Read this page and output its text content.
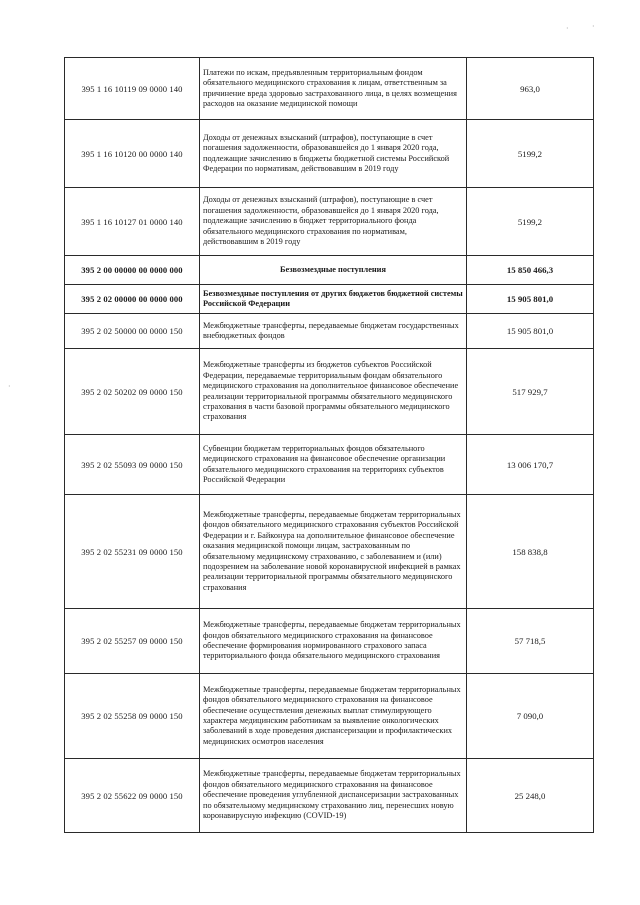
395 1 16 10119 09 0000 140	Платежи по искам, предъявленным территориальным фондом обязательного медицинского страхования к лицам, ответственным за причинение вреда здоровью застрахованного лица, в целях возмещения расходов на оказание медицинской помощи	963,0
395 1 16 10120 00 0000 140	Доходы от денежных взысканий (штрафов), поступающие в счет погашения задолженности, образовавшейся до 1 января 2020 года, подлежащие зачислению в бюджеты бюджетной системы Российской Федерации по нормативам, действовавшим в 2019 году	5199,2
395 1 16 10127 01 0000 140	Доходы от денежных взысканий (штрафов), поступающие в счет погашения задолженности, образовавшейся до 1 января 2020 года, подлежащие зачислению в бюджет территориального фонда обязательного медицинского страхования по нормативам, действовавшим в 2019 году	5199,2
395 2 00 00000 00 0000 000	Безвозмездные поступления	15 850 466,3
395 2 02 00000 00 0000 000	Безвозмездные поступления от других бюджетов бюджетной системы Российской Федерации	15 905 801,0
395 2 02 50000 00 0000 150	Межбюджетные трансферты, передаваемые бюджетам государственных внебюджетных фондов	15 905 801,0
395 2 02 50202 09 0000 150	Межбюджетные трансферты из бюджетов субъектов Российской Федерации, передаваемые территориальным фондам обязательного медицинского страхования на дополнительное финансовое обеспечение реализации территориальной программы обязательного медицинского страхования в части базовой программы обязательного медицинского страхования	517 929,7
395 2 02 55093 09 0000 150	Субвенции бюджетам территориальных фондов обязательного медицинского страхования на финансовое обеспечение организации обязательного медицинского страхования на территориях субъектов Российской Федерации	13 006 170,7
395 2 02 55231 09 0000 150	Межбюджетные трансферты, передаваемые бюджетам территориальных фондов обязательного медицинского страхования субъектов Российской Федерации и г. Байконура на дополнительное финансовое обеспечение оказания медицинской помощи лицам, застрахованным по обязательному медицинскому страхованию, с заболеванием и (или) подозрением на заболевание новой коронавирусной инфекцией в рамках реализации территориальной программы обязательного медицинского страхования	158 838,8
395 2 02 55257 09 0000 150	Межбюджетные трансферты, передаваемые бюджетам территориальных фондов обязательного медицинского страхования на финансовое обеспечение формирования нормированного страхового запаса территориального фонда обязательного медицинского страхования	57 718,5
395 2 02 55258 09 0000 150	Межбюджетные трансферты, передаваемые бюджетам территориальных фондов обязательного медицинского страхования на финансовое обеспечение осуществления денежных выплат стимулирующего характера медицинским работникам за выявление онкологических заболеваний в ходе проведения диспансеризации и профилактических медицинских осмотров населения	7 090,0
395 2 02 55622 09 0000 150	Межбюджетные трансферты, передаваемые бюджетам территориальных фондов обязательного медицинского страхования на финансовое обеспечение проведения углубленной диспансеризации застрахованных по обязательному медицинскому страхованию лиц, перенесших новую коронавирусную инфекцию (COVID-19)	25 248,0
·	·
·
